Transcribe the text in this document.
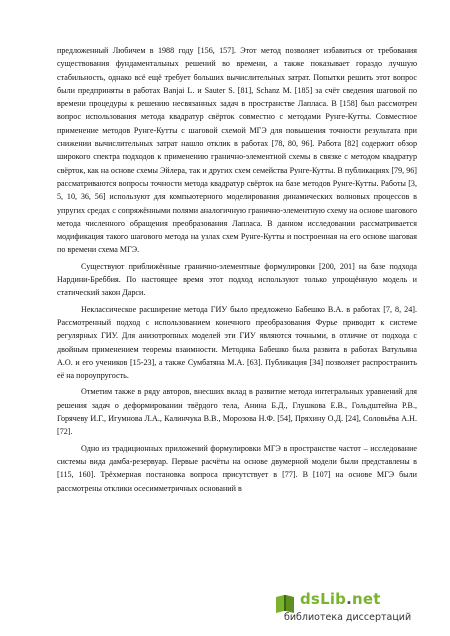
предложенный Любичем в 1988 году [156, 157]. Этот метод позволяет избавиться от требования существования фундаментальных решений во времени, а также показывает гораздо лучшую стабильность, однако всё ещё требует больших вычислительных затрат. Попытки решить этот вопрос были предприняты в работах Banjai L. и Sauter S. [81], Schanz M. [185] за счёт сведения шаговой по времени процедуры к решению несвязанных задач в пространстве Лапласа. В [158] был рассмотрен вопрос использования метода квадратур свёрток совместно с методами Рунге-Кутты. Совместное применение методов Рунге-Кутты с шаговой схемой МГЭ для повышения точности результата при снижении вычислительных затрат нашло отклик в работах [78, 80, 96]. Работа [82] содержит обзор широкого спектра подходов к применению гранично-элементной схемы в связке с методом квадратур свёрток, как на основе схемы Эйлера, так и других схем семейства Рунге-Кутты. В публикациях [79, 96] рассматриваются вопросы точности метода квадратур свёрток на базе методов Рунге-Кутты. Работы [3, 5, 10, 36, 56] используют для компьютерного моделирования динамических волновых процессов в упругих средах с сопряжёнными полями аналогичную гранично-элементную схему на основе шагового метода численного обращения преобразования Лапласа. В данном исследовании рассматривается модификация такого шагового метода на узлах схем Рунге-Кутты и построенная на его основе шаговая по времени схема МГЭ.

Существуют приближённые гранично-элементные формулировки [200, 201] на базе подхода Нардини-Бреббия. По настоящее время этот подход используют только упрощённую модель и статический закон Дарси.

Неклассическое расширение метода ГИУ было предложено Бабешко В.А. в работах [7, 8, 24]. Рассмотренный подход с использованием конечного преобразования Фурье приводит к системе регулярных ГИУ. Для анизотропных моделей эти ГИУ являются точными, в отличие от подхода с двойным применением теоремы взаимности. Методика Бабешко была развита в работах Ватульяна А.О. и его учеников [15-23], а также Сумбатяна М.А. [63]. Публикация [34] позволяет распространить её на пороупругость.

Отметим также в ряду авторов, внесших вклад в развитие метода интегральных уравнений для решения задач о деформировании твёрдого тела, Анина Б.Д., Глушкова Е.В., Гольдштейна Р.В., Горячеву И.Г., Игумнова Л.А., Калинчука В.В., Морозова Н.Ф. [54], Пряхину О.Д. [24], Соловьёва А.Н. [72].

Одно из традиционных приложений формулировки МГЭ в пространстве частот – исследование системы вида дамба-резервуар. Первые расчёты на основе двумерной модели были представлены в [115, 160]. Трёхмерная постановка вопроса присутствует в [77]. В [107] на основе МГЭ были рассмотрены отклики осесимметричных оснований в

dsLib.net
библиотека диссертаций
